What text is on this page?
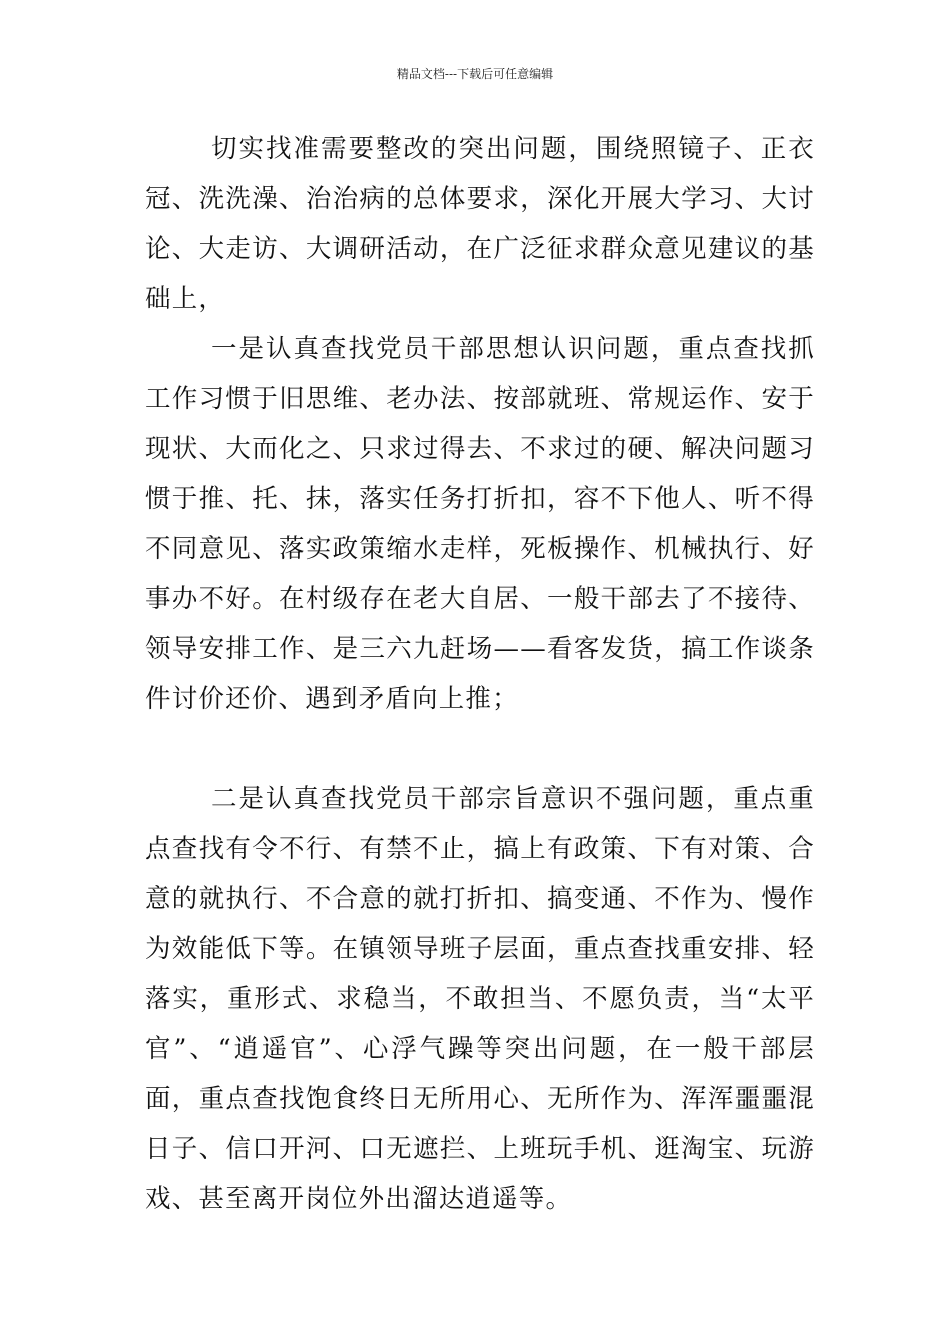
精品文档---下载后可任意编辑

切实找准需要整改的突出问题，围绕照镜子、正衣冠、洗洗澡、治治病的总体要求，深化开展大学习、大讨论、大走访、大调研活动，在广泛征求群众意见建议的基础上，

一是认真查找党员干部思想认识问题，重点查找抓工作习惯于旧思维、老办法、按部就班、常规运作、安于现状、大而化之、只求过得去、不求过的硬、解决问题习惯于推、托、抹，落实任务打折扣，容不下他人、听不得不同意见、落实政策缩水走样，死板操作、机械执行、好事办不好。在村级存在老大自居、一般干部去了不接待、领导安排工作、是三六九赶场——看客发货，搞工作谈条件讨价还价、遇到矛盾向上推；

二是认真查找党员干部宗旨意识不强问题，重点重点查找有令不行、有禁不止，搞上有政策、下有对策、合意的就执行、不合意的就打折扣、搞变通、不作为、慢作为效能低下等。在镇领导班子层面，重点查找重安排、轻落实，重形式、求稳当，不敢担当、不愿负责，当“太平官”、“逍遥官”、心浮气躁等突出问题，在一般干部层面，重点查找饱食终日无所用心、无所作为、浑浑噩噩混日子、信口开河、口无遮拦、上班玩手机、逛淘宝、玩游戏、甚至离开岗位外出溜达逍遥等。
